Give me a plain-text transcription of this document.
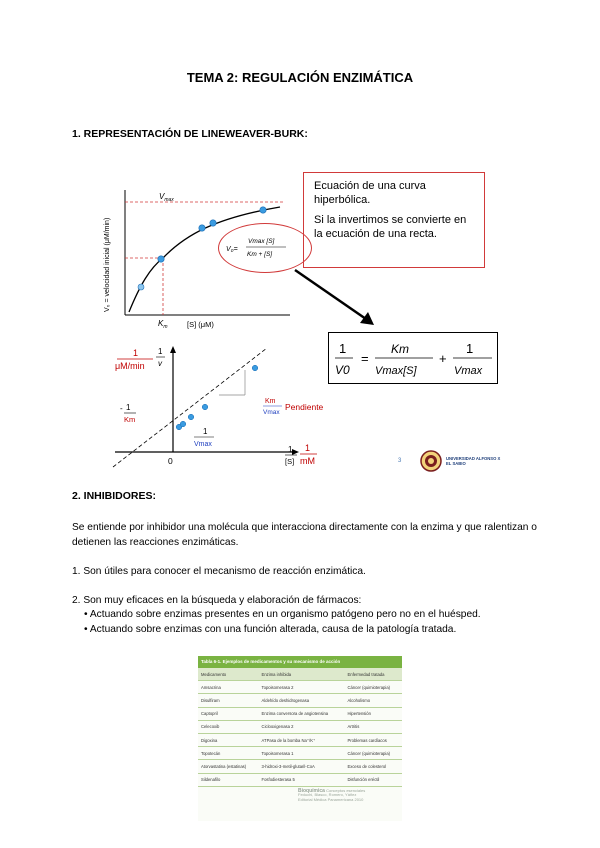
TEMA 2: REGULACIÓN ENZIMÁTICA
1. REPRESENTACIÓN DE LINEWEAVER-BURK:
$V_{max}$
$K_m$	[S] (μM)
V₀ = velocidad inicial (μM/min)	V₀=
Vmax [S]
Km + [S]
Ecuación de una curva hiperbólica.
Si la invertimos se convierte en la ecuación de una recta.
1
V0
=
Km
Vmax[S]
+
1
Vmax
1
μM/min
1
v
- 1
Km
1
Vmax
Km
Vmax
Pendiente
0
1
[S]
1
mM	3	UNIVERSIDAD ALFONSO X EL SABIO
2. INHIBIDORES:
Se entiende por inhibidor una molécula que interacciona directamente con la enzima y que ralentizan o detienen las reacciones enzimáticas.
1. Son útiles para conocer el mecanismo de reacción enzimática.
2. Son muy eficaces en la búsqueda y elaboración de fármacos:
• Actuando sobre enzimas presentes en un organismo patógeno pero no en el huésped.
• Actuando sobre enzimas con una función alterada, causa de la patología tratada.
Tabla 6-1. Ejemplos de medicamentos y su mecanismo de acción
Medicamento	Enzima inhibida	Enfermedad tratada
Amsacrina	Topoisomerasa 2	Cáncer (quimioterapia)
Disulfiram	Aldehído deshidrogenasa	Alcoholismo
Captopril	Enzima conversora de angiotensina	Hipertensión
Celecoxib	Ciclooxigenasa 2	Artritis
Digoxina	ATPasa de la bomba Na⁺/K⁺	Problemas cardíacos
Topotecán	Topoisomerasa 1	Cáncer (quimioterapia)
Atorvastatina (estatinas)	3-hidroxi-3-metil-glutaril-CoA	Exceso de colesterol
Sildenafilo	Fosfodiesterasa 5	Disfunción eréctil
Bioquímica Conceptos esenciales
Feduchi, Blasco, Romero, Yáñez
Editorial Médica Panamericana 2010
